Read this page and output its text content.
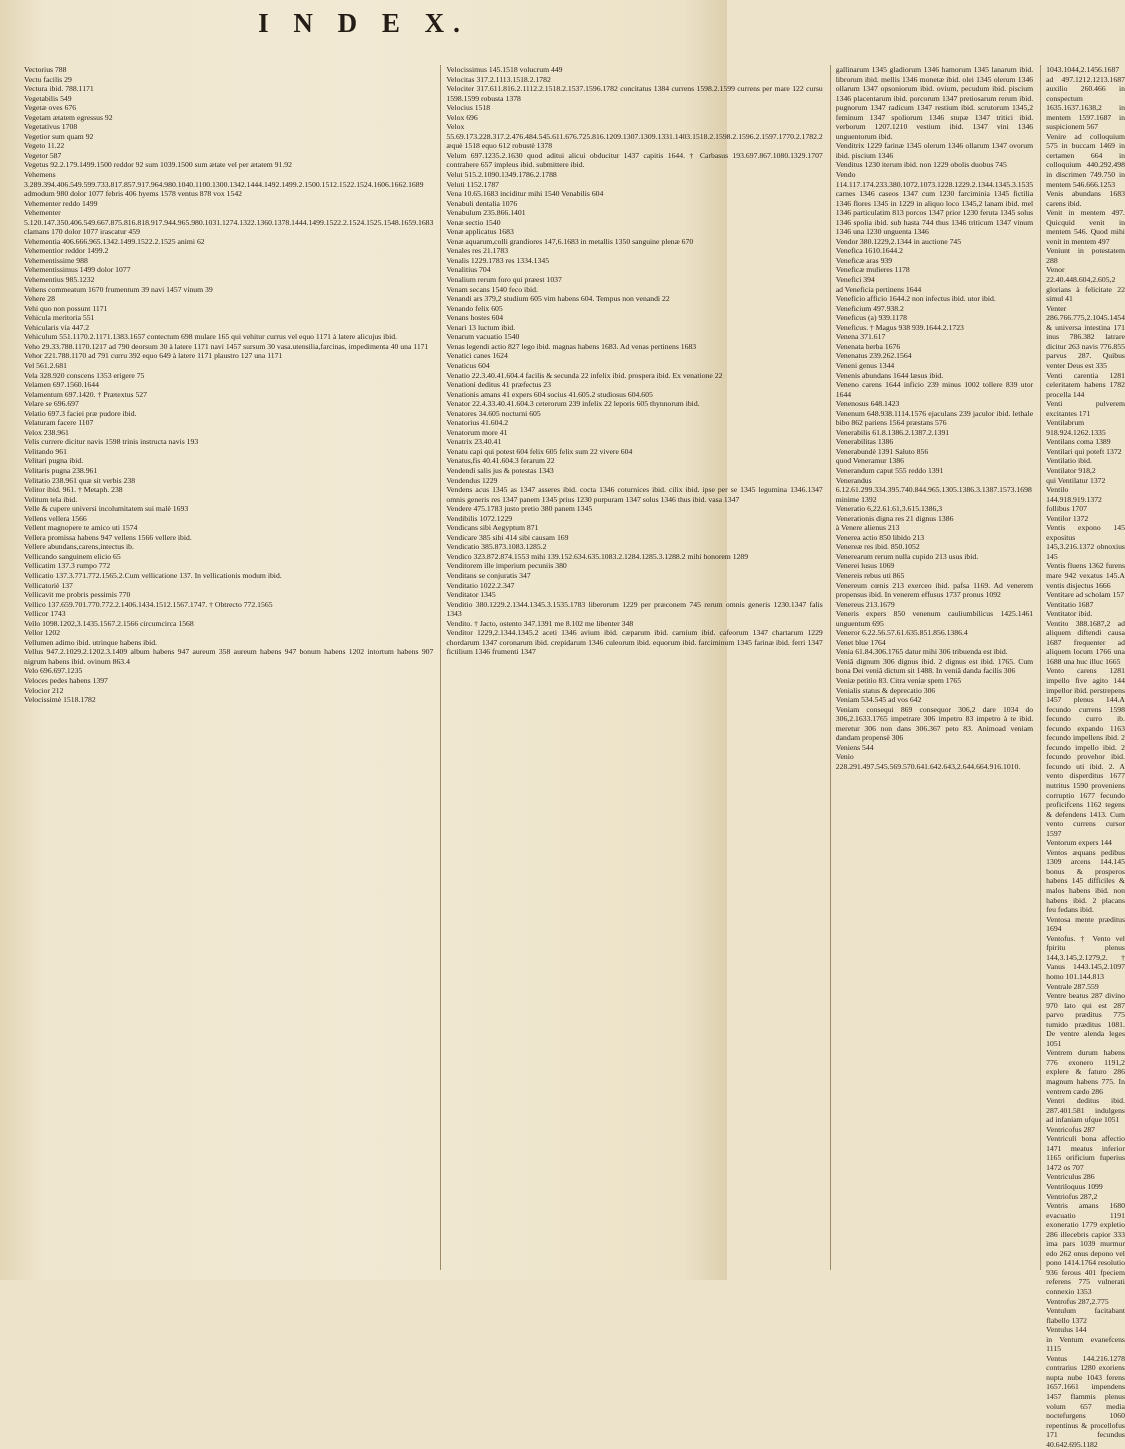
I N D E X.

Vectorius 788

Vectu facilis 29

Vectura ibid. 788.1171

Vegetabilis 549

Vegetæ oves 676

Vegetam ætatem egressus 92

Vegetativus 1708

Vegetior sum quam 92

Vegeto 11.22

Vegetor 587

Vegetus 92.2.179.1499.1500 reddor 92 sum 1039.1500 sum ætate vel per ætatem 91.92

Vehemens 3.289.394.406.549.599.733.817.857.917.964.980.1040.1100.1300.1342.1444.1492.1499.2.1500.1512.1522.1524.1606.1662.1689 admodum 980 dolor 1077 febris 406 hyems 1578 ventus 878 vox 1542

Vehementer reddo 1499

Vehementer 5.120.147.350.406.549.667.875.816.818.917.944.965.980.1031.1274.1322.1360.1378.1444.1499.1522.2.1524.1525.1548.1659.1683 clamans 170 dolor 1077 irascatur 459

Vehementia 406.666.965.1342.1499.1522.2.1525 animi 62

Vehementior reddor 1499.2

Vehementissime 988

Vehementissimus 1499 dolor 1077

Vehementius 985.1232

Vehens commeatum 1670 frumentum 39 navi 1457 vinum 39

Vehere 28

Vehi quo non possunt 1171

Vehicula meritoria 551

Vehicularis via 447.2

Vehiculum 551.1170.2.1171.1383.1657 contectum 698 mulare 165 qui vehitur currus vel equo 1171 à latere alicujus ibid.

Veho 29.33.788.1170.1217 ad 790 deorsum 30 à latere 1171 navi 1457 sursum 30 vasa.utensilia,farcinas, impedimenta 40 una 1171

Vehor 221.788.1170 ad 791 curru 392 equo 649 à latere 1171 plaustro 127 una 1171

Vel 561.2.681

Vela 328.920 conscens 1353 erigere 75

Velamen 697.1560.1644

Velamentum 697.1420. † Prætextus 527

Velare se 696.697

Velatio 697.3 faciei præ pudore ibid.

Velaturam facere 1107

Velox 238.961

Velis currere dicitur navis 1598 trinis instructa navis 193

Velitando 961

Velitari pugna ibid.

Velitaris pugna 238.961

Velitatio 238.961 quæ sit verbis 238

Velitor ibid. 961. † Metaph. 238

Velitum tela ibid.

Velle & cupere universi incolumitatem sui malè 1693

Vellens vellera 1566

Vellent magnopere te amico uti 1574

Vellera promissa habens 947 vellens 1566 vellere ibid.

Vellere abundans,carens,intectus ib.

Vellicando sanguinem elicio 65

Vellicatim 137.3 rumpo 772

Vellicatio 137.3.771.772.1565.2.Cum vellicatione 137. In vellicationis modum ibid.

Vellicatoriè 137

Vellicavit me probris pessimis 770

Vellico 137.659.701.770.772.2.1406.1434.1512.1567.1747. † Obtrecto 772.1565

Vellicor 1743

Vello 1098.1202,3.1435.1567.2.1566 circumcirca 1568

Vellor 1202

Vellumen adimo ibid. utrinque habens ibid.

Vellus 947.2.1029.2.1202.3.1409 album habens 947 aureum 358 aureum habens 947 bonum habens 1202 intortum habens 907 nigrum habens ibid. ovinum 863.4

Velo 696.697.1235

Veloces pedes habens 1397

Velocior 212

Velocissimè 1518.1782

Velocissimus 145.1518 volucrum 449

Velocitas 317.2.1113.1518.2.1782

Velociter 317.611.816.2.1112.2.1518.2.1537.1596.1782 concitatus 1384 currens 1598.2.1599 currens per mare 122 cursu 1598.1599 robusta 1378

Velocius 1518

Velox 696

Velox 55.69.173.228.317.2.476.484.545.611.676.725.816.1209.1307.1309.1331.1403.1518.2.1598.2.1596.2.1597.1770.2.1782.2 æquè 1518 equo 612 robustè 1378

Velum 697.1235.2.1630 quod aditui alicui obducitur 1437 capitis 1644. † Carbasus 193.697.867.1080.1329.1707 contrahere 657 impleus ibid. submittere ibid.

Velut 515.2.1090.1349.1786.2.1788

Veluti 1152.1787

Vena 10.65.1683 inciditur mihi 1540 Venabilis 604

Venabuli dentalia 1076

Venabulum 235.866.1401

Venæ sectio 1540

Venæ applicatus 1683

Venæ aquarum,colli grandiores 147,6.1683 in metallis 1350 sanguine plenæ 670

Venales res 21.1783

Venalis 1229.1783 res 1334.1345

Venalitius 704

Venalium rerum foro qui præest 1037

Venam secans 1540 feco ibid.

Venandi ars 379,2 studium 605 vim habens 604. Tempus non venandi 22

Venando felix 605

Venans hostes 604

Venari 13 luctum ibid.

Venarum vacuatio 1540

Venas legendi actio 827 lego ibid. magnas habens 1683. Ad venas pertinens 1683

Venatici canes 1624

Venaticus 604

Venatio 22.3.40.41.604.4 facilis & secunda 22 infelix ibid. prospera ibid. Ex venatione 22

Venationi deditus 41 præfectus 23

Venationis amans 41 expers 604 socius 41.605.2 studiosus 604.605

Venator 22.4.33.40.41.604.3 ceterorum 239 infelix 22 leporis 605 thynnorum ibid.

Venatores 34.605 nocturni 605

Venatorius 41.604.2

Venatorum more 41

Venatrix 23.40.41

Venatu capi qui potest 604 felix 605 felix sum 22 vivere 604

Venatus,fis 40.41.604.3 ferarum 22

Vendendi salis jus & potestas 1343

Vendendus 1229

Vendens acus 1345 as 1347 asseres ibid. cocta 1346 coturnices ibid. cilix ibid. ipse per se 1345 legumina 1346.1347 omnis generis res 1347 panem 1345 prius 1230 purpuram 1347 solus 1346 thus ibid. vasa 1347

Vendere 475.1783 justo pretio 380 panem 1345

Vendibilis 1072.1229

Vendicans sibi Aegyptum 871

Vendicare 385 sibi 414 sibi causam 169

Vendicatio 385.873.1083.1285.2

Vendico 323.872.874.1553 mihi 139.152.634.635.1083.2.1284.1285.3.1288.2 mihi honorem 1289

Venditorem ille imperium pecuniis 380

Venditans se conjuratis 347

Venditatio 1022.2.347

Venditator 1345

Venditio 380.1229.2.1344.1345.3.1535.1783 liberorum 1229 per præconem 745 rerum omnis generis 1230.1347 falis 1343

Vendito. † Jacto, ostento 347.1391 me 8.102 me libenter 348

Venditor 1229,2.1344.1345.2 aceti 1346 avium ibid. cæparum ibid. carnium ibid. cafeorum 1347 chartarum 1229 chordarum 1347 coronarum ibid. crepidarum 1346 culeorum ibid. equorum ibid. farciminum 1345 farinæ ibid. ferri 1347 fictilium 1346 frumenti 1347

gallinarum 1345 gladiorum 1346 hamorum 1345 lanarum ibid. librorum ibid. mellis 1346 monetæ ibid. olei 1345 olerum 1346 ollarum 1347 opsoniorum ibid. ovium, pecudum ibid. piscium 1346 placentarum ibid. porcorum 1347 pretiosarum rerum ibid. pugnorum 1347 radicum 1347 restium ibid. scrutorum 1345,2 feminum 1347 spoliorum 1346 stupæ 1347 tritici ibid. verborum 1207.1210 vestium ibid. 1347 vini 1346 unguentorum ibid.

Venditrix 1229 farinæ 1345 olerum 1346 ollarum 1347 ovorum ibid. piscium 1346

Venditus 1230 iterum ibid. non 1229 obolis duobus 745

Vendo 114.117.174.233.380.1072.1073.1228.1229.2.1344.1345.3.1535 carnes 1346 caseos 1347 cum 1230 farciminia 1345 fictilia 1346 flores 1345 in 1229 in aliquo loco 1345,2 lanam ibid. mel 1346 particulatim 813 porcos 1347 prior 1230 feruta 1345 solus 1346 spolia ibid. sub hasta 744 thus 1346 triticum 1347 vinum 1346 una 1230 unguenta 1346

Vendor 380.1229,2.1344 in auctione 745

Venefica 1610.1644.2

Veneficæ aras 939

Veneficæ mulieres 1178

Venefici 394

ad Veneficia pertinens 1644

Veneficio afficio 1644.2 non infectus ibid. utor ibid.

Veneficium 497.938.2

Veneficus (a) 939.1178

Veneficus. † Magus 938 939.1644.2.1723

Venena 371.617

Venenata herba 1676

Venenatus 239.262.1564

Veneni genus 1344

Venenis abundans 1644 læsus ibid.

Veneno carens 1644 inficio 239 minus 1002 tollere 839 utor 1644

Venenosus 648.1423

Venenum 648.938.1114.1576 ejaculans 239 jaculor ibid. lethale bibo 862 pariens 1564 præstans 576

Venerabilis 61.8.1386.2.1387.2.1391

Venerabilitas 1386

Venerabundè 1391 Saluto 856

quod Veneramur 1386

Venerandum caput 555 reddo 1391

Venerandus 6.12.61.299.334.395.740.844.965.1305.1386.3.1387.1573.1698 minime 1392

Veneratio 6,22.61.61,3.615.1386,3

Venerationis digna res 21 dignus 1386

à Venere alienus 213

Venerea actio 850 libido 213

Venereæ res ibid. 850.1052

Venerearum rerum nulla cupido 213 usus ibid.

Venerei lusus 1069

Venereis rebus uti 865

Venereum cœnis 213 exerceo ibid. pafsa 1169. Ad venerem propensus ibid. In venerem effusus 1737 pronus 1092

Venereus 213.1679

Veneris expers 850 venenum cauliumbilicus 1425.1461 unguentum 695

Veneror 6.22.56.57.61.635.851.856.1386.4

Venet blue 1764

Venia 61.84.306.1765 datur mihi 306 tribuenda est ibid.

Veniâ dignum 306 dignus ibid. 2 dignus est ibid. 1765. Cum bona Dei veniâ dictum sit 1488. In veniâ danda facilis 306

Veniæ petitio 83. Citra veniæ spem 1765

Venialis status & deprecatio 306

Veniam 534.545 ad vos 642

Veniam consequi 869 consequor 306,2 dare 1034 do 306,2.1633.1765 impetrare 306 impetro 83 impetro à te ibid. meretur 306 non dans 306.367 peto 83. Animoad veniam dandam propensè 306

Veniens 544

Venio 228.291.497.545.569.570.641.642.643,2.644.664.916.1010.

1043.1044,2.1456.1687 ad 497.1212.1213.1687 auxilio 260.466 in conspectum 1635.1637.1638,2 in mentem 1597.1687 in suspicionem 567

Venire ad colloquium 575 in buccam 1469 in certamen 664 in colloquium 440.292.498 in discrimen 749.750 in mentem 546.666.1253

Venis abundans 1683 carens ibid.

Venit in mentem 497. Quicquid venit in mentem 546. Quod mihi venit in mentem 497

Veniunt in potestatem 288

Venor 22.40.448.604,2.605,2 glorians à felicitate 22 simul 41

Venter 286.766.775,2.1045.1454 & universa intestina 171 inus 786.382 latrare dicitur 263 navis 776.855 parvus 287. Quibus venter Deus est 335

Venti carentia 1281 celeritatem habens 1782 procella 144

Venti pulverem excitantes 171

Ventilabrum 918.924.1262.1335

Ventilans coma 1389

Ventilari qui poteft 1372

Ventilatio ibid.

Ventilator 918,2

qui Ventilatur 1372

Ventilo 144.918.919.1372 follibus 1707

Ventilor 1372

Ventis expono 145 expositus 145,3.216.1372 obnoxius 145

Ventis fluens 1362 furens mare 942 vexatus 145.A ventis disjectus 1666

Ventitare ad scholam 157

Ventitatio 1687

Ventitator ibid.

Ventito 388.1687,2 ad aliquem diftendi causa 1687 frequenter ad aliquem locum 1766 una 1688 una huc illuc 1665

Vento carens 1281 impello five agito 144 impellor ibid. perstrepens 1457 plenus 144.A fecundo currens 1598 fecundo curro ib. fecundo expando 1163 fecundo impellens ibid. 2 fecundo impello ibid. 2 fecundo provehor ibid. fecundo uti ibid. 2. A vento disperditus 1677 nutritus 1590 proveniens corruptio 1677 fecundo proficifcens 1162 tegens & defendens 1413. Cum vento currens cursor 1597

Ventorum expers 144

Ventos æquans pedibus 1309 arcens 144.145 bonus & prosperos habens 145 difficiles & malos habens ibid. non habens ibid. 2 placans feu fedans ibid.

Ventosa mente præditus 1694

Ventofus. † Vento vel fpiritu plenus 144,3.145,2.1279,2. † Vanus 1443.145,2.1097 homo 101.144.813

Ventrale 287.559

Ventre beatus 287 divino 970 lato qui est 287 parvo præditus 775 tumido præditus 1081. De ventre alenda leges 1051

Ventrem durum habens 776 exonero 1191,2 explere & faturo 286 magnum habens 775. In ventrem cædo 286

Ventri deditus ibid. 287.401.581 indulgens ad infaniam ufque 1051

Ventricofus 287

Ventriculi bona affectio 1471 meatus inferior 1165 orificium fuperius 1472 os 707

Ventriculus 286

Ventriloquus 1099

Ventriofus 287,2

Ventris amans 1680 evacuatio 1191 exoneratio 1779 expletio 286 illecebris capior 333 ima pars 1039 murmur edo 262 onus depono vel pono 1414.1764 resolutio 936 ferous 401 fpeciem referens 775 vulnerati connexio 1353

Ventrofus 287,2.775

Ventulum facitabant flabello 1372

Ventulus 144

in Ventum evanefcens 1115

Ventus 144.216.1278 contrarius 1280 exoriens nupta nube 1043 ferens 1657.1661 impendens 1457 flammis plenus volum 657 media noctefurgens 1060 repentinus & procellofus 171 fecundus 40.642.695.1182
